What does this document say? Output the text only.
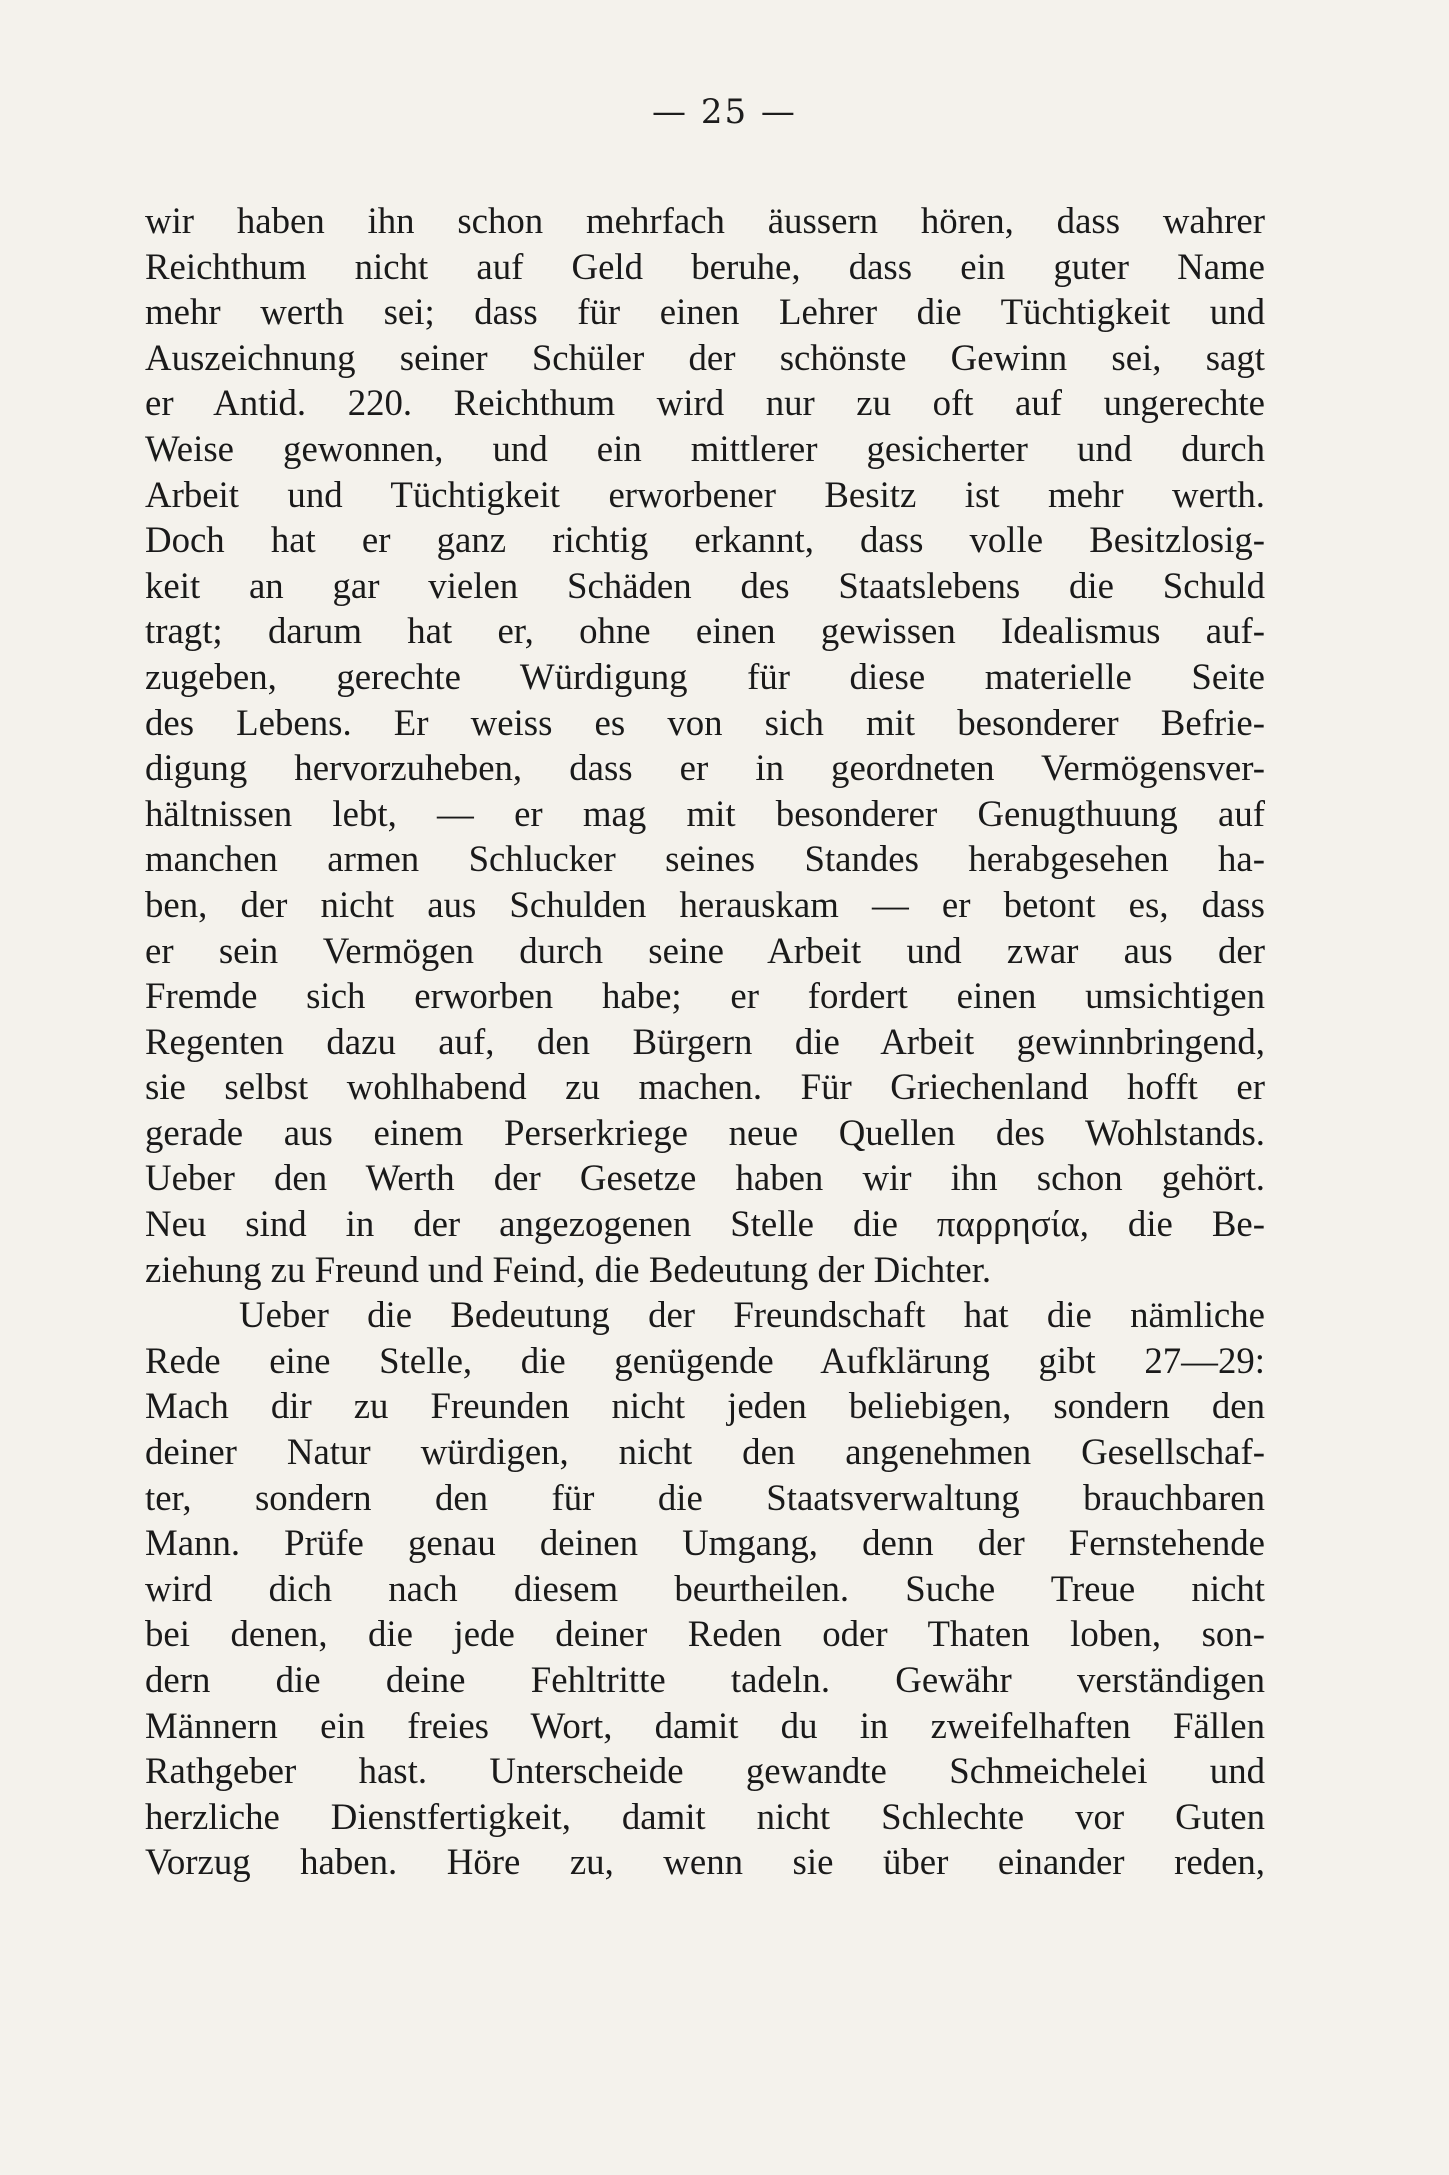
— 25 —
wir haben ihn schon mehrfach äussern hören, dass wahrer
Reichthum nicht auf Geld beruhe, dass ein guter Name
mehr werth sei; dass für einen Lehrer die Tüchtigkeit und
Auszeichnung seiner Schüler der schönste Gewinn sei, sagt
er Antid. 220. Reichthum wird nur zu oft auf ungerechte
Weise gewonnen, und ein mittlerer gesicherter und durch
Arbeit und Tüchtigkeit erworbener Besitz ist mehr werth.
Doch hat er ganz richtig erkannt, dass volle Besitzlosig-
keit an gar vielen Schäden des Staatslebens die Schuld
tragt; darum hat er, ohne einen gewissen Idealismus auf-
zugeben, gerechte Würdigung für diese materielle Seite
des Lebens. Er weiss es von sich mit besonderer Befrie-
digung hervorzuheben, dass er in geordneten Vermögensver-
hältnissen lebt, — er mag mit besonderer Genugthuung auf
manchen armen Schlucker seines Standes herabgesehen ha-
ben, der nicht aus Schulden herauskam — er betont es, dass
er sein Vermögen durch seine Arbeit und zwar aus der
Fremde sich erworben habe; er fordert einen umsichtigen
Regenten dazu auf, den Bürgern die Arbeit gewinnbringend,
sie selbst wohlhabend zu machen. Für Griechenland hofft er
gerade aus einem Perserkriege neue Quellen des Wohlstands.
Ueber den Werth der Gesetze haben wir ihn schon gehört.
Neu sind in der angezogenen Stelle die παρρησία, die Be-
ziehung zu Freund und Feind, die Bedeutung der Dichter.
Ueber die Bedeutung der Freundschaft hat die nämliche
Rede eine Stelle, die genügende Aufklärung gibt 27—29:
Mach dir zu Freunden nicht jeden beliebigen, sondern den
deiner Natur würdigen, nicht den angenehmen Gesellschaf-
ter, sondern den für die Staatsverwaltung brauchbaren
Mann. Prüfe genau deinen Umgang, denn der Fernstehende
wird dich nach diesem beurtheilen. Suche Treue nicht
bei denen, die jede deiner Reden oder Thaten loben, son-
dern die deine Fehltritte tadeln. Gewähr verständigen
Männern ein freies Wort, damit du in zweifelhaften Fällen
Rathgeber hast. Unterscheide gewandte Schmeichelei und
herzliche Dienstfertigkeit, damit nicht Schlechte vor Guten
Vorzug haben. Höre zu, wenn sie über einander reden,
